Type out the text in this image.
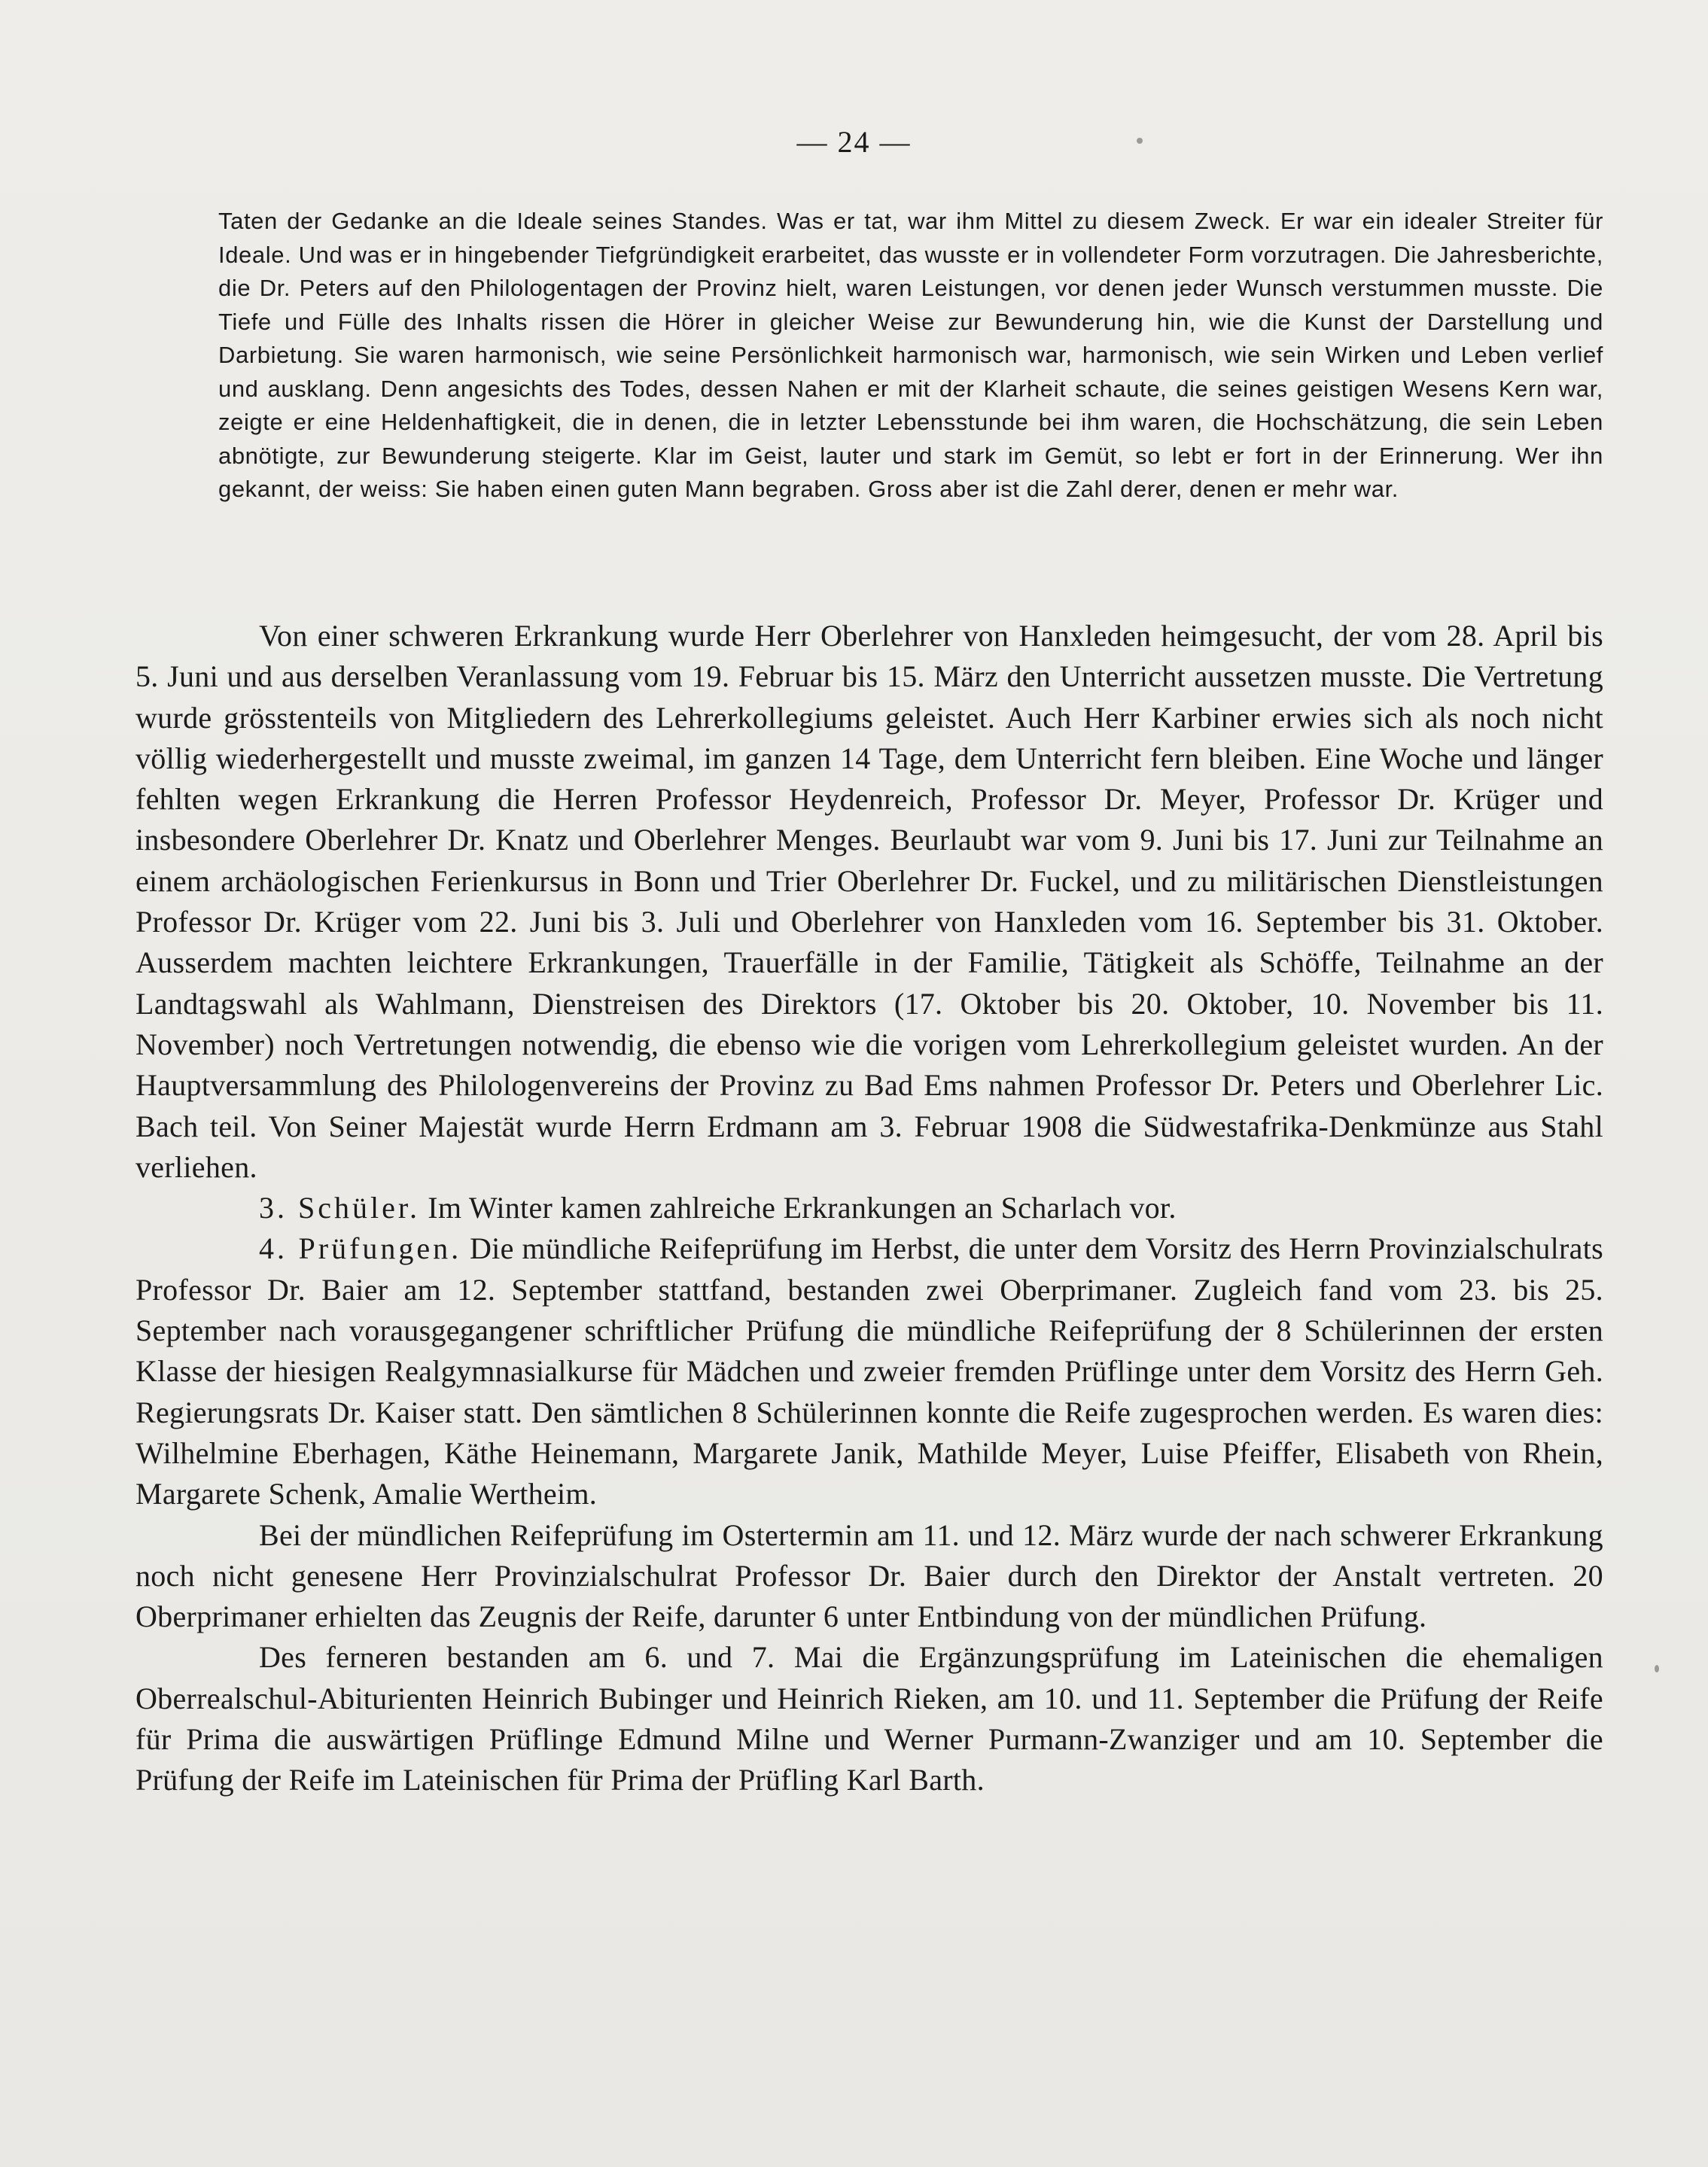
— 24 —

Taten der Gedanke an die Ideale seines Standes. Was er tat, war ihm Mittel zu diesem Zweck. Er war ein idealer Streiter für Ideale. Und was er in hingebender Tiefgründigkeit erarbeitet, das wusste er in vollendeter Form vorzutragen. Die Jahresberichte, die Dr. Peters auf den Philologentagen der Provinz hielt, waren Leistungen, vor denen jeder Wunsch verstummen musste. Die Tiefe und Fülle des Inhalts rissen die Hörer in gleicher Weise zur Bewunderung hin, wie die Kunst der Darstellung und Darbietung. Sie waren harmonisch, wie seine Persönlichkeit harmonisch war, harmonisch, wie sein Wirken und Leben verlief und ausklang. Denn angesichts des Todes, dessen Nahen er mit der Klarheit schaute, die seines geistigen Wesens Kern war, zeigte er eine Heldenhaftigkeit, die in denen, die in letzter Lebensstunde bei ihm waren, die Hochschätzung, die sein Leben abnötigte, zur Bewunderung steigerte. Klar im Geist, lauter und stark im Gemüt, so lebt er fort in der Erinnerung. Wer ihn gekannt, der weiss: Sie haben einen guten Mann begraben. Gross aber ist die Zahl derer, denen er mehr war.

Von einer schweren Erkrankung wurde Herr Oberlehrer von Hanxleden heimgesucht, der vom 28. April bis 5. Juni und aus derselben Veranlassung vom 19. Februar bis 15. März den Unterricht aussetzen musste. Die Vertretung wurde grösstenteils von Mitgliedern des Lehrerkollegiums geleistet. Auch Herr Karbiner erwies sich als noch nicht völlig wiederhergestellt und musste zweimal, im ganzen 14 Tage, dem Unterricht fern bleiben. Eine Woche und länger fehlten wegen Erkrankung die Herren Professor Heydenreich, Professor Dr. Meyer, Professor Dr. Krüger und insbesondere Oberlehrer Dr. Knatz und Oberlehrer Menges. Beurlaubt war vom 9. Juni bis 17. Juni zur Teilnahme an einem archäologischen Ferienkursus in Bonn und Trier Oberlehrer Dr. Fuckel, und zu militärischen Dienstleistungen Professor Dr. Krüger vom 22. Juni bis 3. Juli und Oberlehrer von Hanxleden vom 16. September bis 31. Oktober. Ausserdem machten leichtere Erkrankungen, Trauerfälle in der Familie, Tätigkeit als Schöffe, Teilnahme an der Landtagswahl als Wahlmann, Dienstreisen des Direktors (17. Oktober bis 20. Oktober, 10. November bis 11. November) noch Vertretungen notwendig, die ebenso wie die vorigen vom Lehrerkollegium geleistet wurden. An der Hauptversammlung des Philologenvereins der Provinz zu Bad Ems nahmen Professor Dr. Peters und Oberlehrer Lic. Bach teil. Von Seiner Majestät wurde Herrn Erdmann am 3. Februar 1908 die Südwestafrika-Denkmünze aus Stahl verliehen.

3. Schüler. Im Winter kamen zahlreiche Erkrankungen an Scharlach vor.

4. Prüfungen. Die mündliche Reifeprüfung im Herbst, die unter dem Vorsitz des Herrn Provinzialschulrats Professor Dr. Baier am 12. September stattfand, bestanden zwei Oberprimaner. Zugleich fand vom 23. bis 25. September nach vorausgegangener schriftlicher Prüfung die mündliche Reifeprüfung der 8 Schülerinnen der ersten Klasse der hiesigen Realgymnasialkurse für Mädchen und zweier fremden Prüflinge unter dem Vorsitz des Herrn Geh. Regierungsrats Dr. Kaiser statt. Den sämtlichen 8 Schülerinnen konnte die Reife zugesprochen werden. Es waren dies: Wilhelmine Eberhagen, Käthe Heinemann, Margarete Janik, Mathilde Meyer, Luise Pfeiffer, Elisabeth von Rhein, Margarete Schenk, Amalie Wertheim.

Bei der mündlichen Reifeprüfung im Ostertermin am 11. und 12. März wurde der nach schwerer Erkrankung noch nicht genesene Herr Provinzialschulrat Professor Dr. Baier durch den Direktor der Anstalt vertreten. 20 Oberprimaner erhielten das Zeugnis der Reife, darunter 6 unter Entbindung von der mündlichen Prüfung.

Des ferneren bestanden am 6. und 7. Mai die Ergänzungsprüfung im Lateinischen die ehemaligen Oberrealschul-Abiturienten Heinrich Bubinger und Heinrich Rieken, am 10. und 11. September die Prüfung der Reife für Prima die auswärtigen Prüflinge Edmund Milne und Werner Purmann-Zwanziger und am 10. September die Prüfung der Reife im Lateinischen für Prima der Prüfling Karl Barth.
